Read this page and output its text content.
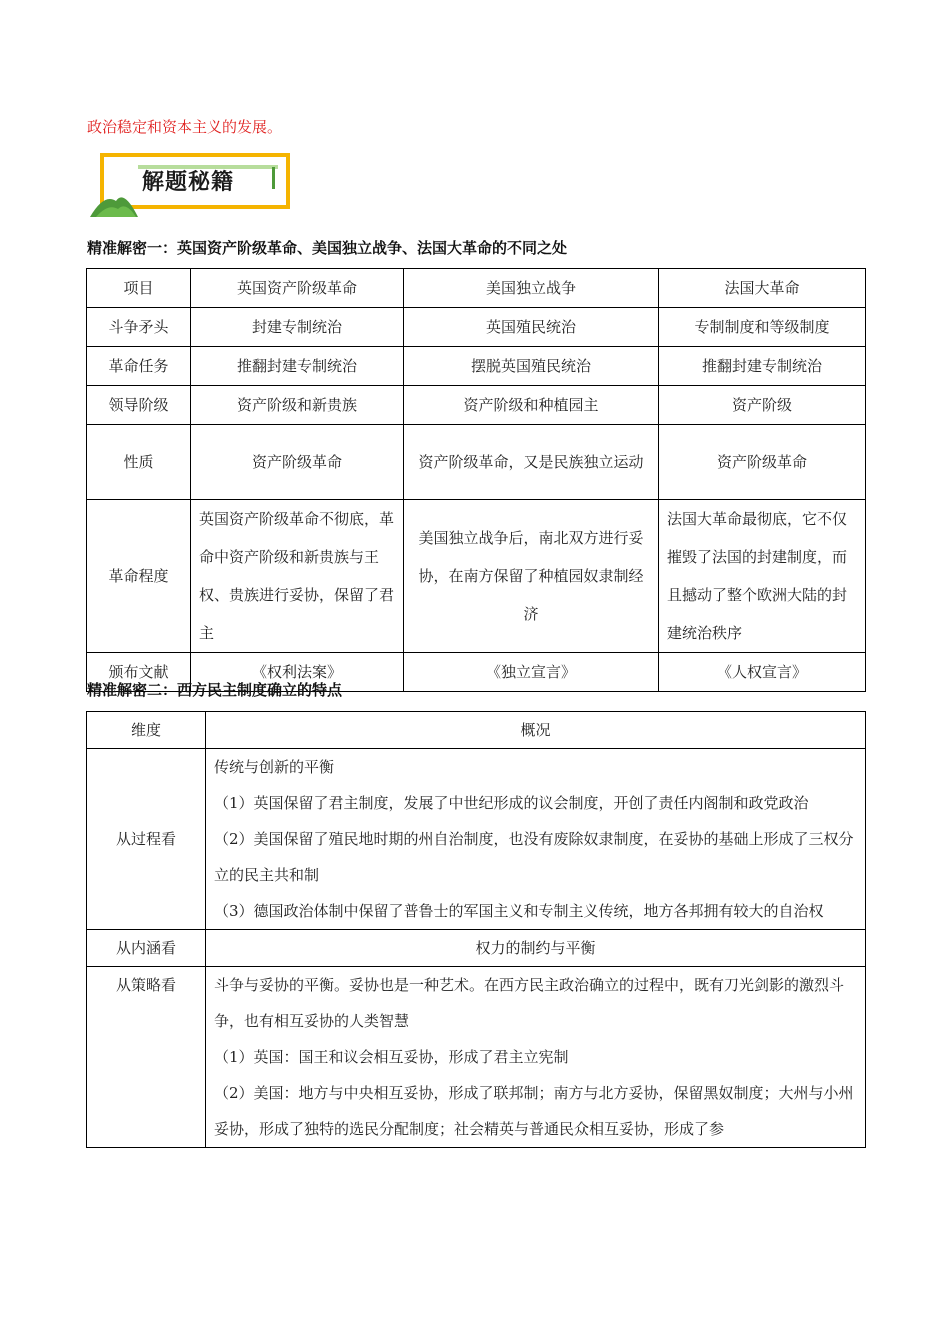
政治稳定和资本主义的发展。
解题秘籍
精准解密一：英国资产阶级革命、美国独立战争、法国大革命的不同之处
项目	英国资产阶级革命	美国独立战争	法国大革命
斗争矛头	封建专制统治	英国殖民统治	专制制度和等级制度
革命任务	推翻封建专制统治	摆脱英国殖民统治	推翻封建专制统治
领导阶级	资产阶级和新贵族	资产阶级和种植园主	资产阶级
性质	资产阶级革命	资产阶级革命，又是民族独立运动	资产阶级革命
革命程度	英国资产阶级革命不彻底，革命中资产阶级和新贵族与王权、贵族进行妥协，保留了君主	美国独立战争后，南北双方进行妥协，在南方保留了种植园奴隶制经济	法国大革命最彻底，它不仅摧毁了法国的封建制度，而且撼动了整个欧洲大陆的封建统治秩序
颁布文献	《权利法案》	《独立宣言》	《人权宣言》
精准解密二：西方民主制度确立的特点
维度	概况
从过程看	传统与创新的平衡
（1）英国保留了君主制度，发展了中世纪形成的议会制度，开创了责任内阁制和政党政治
（2）美国保留了殖民地时期的州自治制度，也没有废除奴隶制度，在妥协的基础上形成了三权分立的民主共和制
（3）德国政治体制中保留了普鲁士的军国主义和专制主义传统，地方各邦拥有较大的自治权

从内涵看	权力的制约与平衡
从策略看	斗争与妥协的平衡。妥协也是一种艺术。在西方民主政治确立的过程中，既有刀光剑影的激烈斗争，也有相互妥协的人类智慧
（1）英国：国王和议会相互妥协，形成了君主立宪制
（2）美国：地方与中央相互妥协，形成了联邦制；南方与北方妥协，保留黑奴制度；大州与小州妥协，形成了独特的选民分配制度；社会精英与普通民众相互妥协，形成了参
